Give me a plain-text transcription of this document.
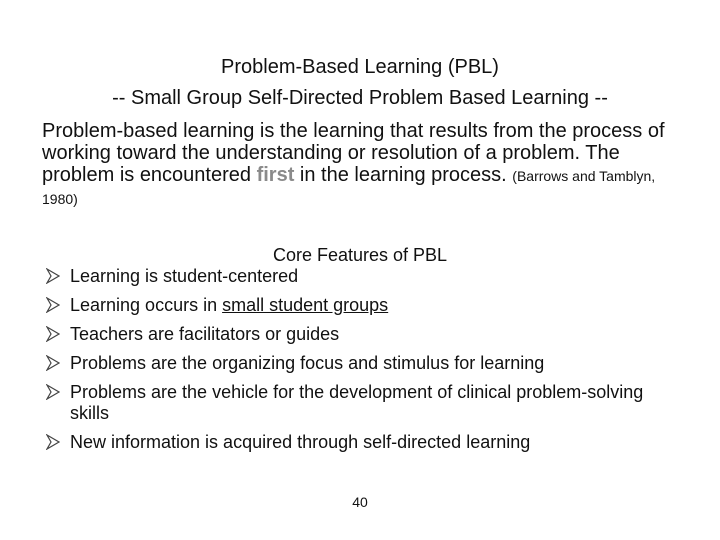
Problem-Based Learning (PBL)
-- Small Group Self-Directed Problem Based Learning --
Problem-based learning is the learning that results from the process of working toward the understanding or resolution of a problem. The problem is encountered first in the learning process. (Barrows and Tamblyn, 1980)
Core Features of PBL
Learning is student-centered
Learning occurs in small student groups
Teachers are facilitators or guides
Problems are the organizing focus and stimulus for learning
Problems are the vehicle for the development of clinical problem-solving skills
New information is acquired through self-directed learning
40
